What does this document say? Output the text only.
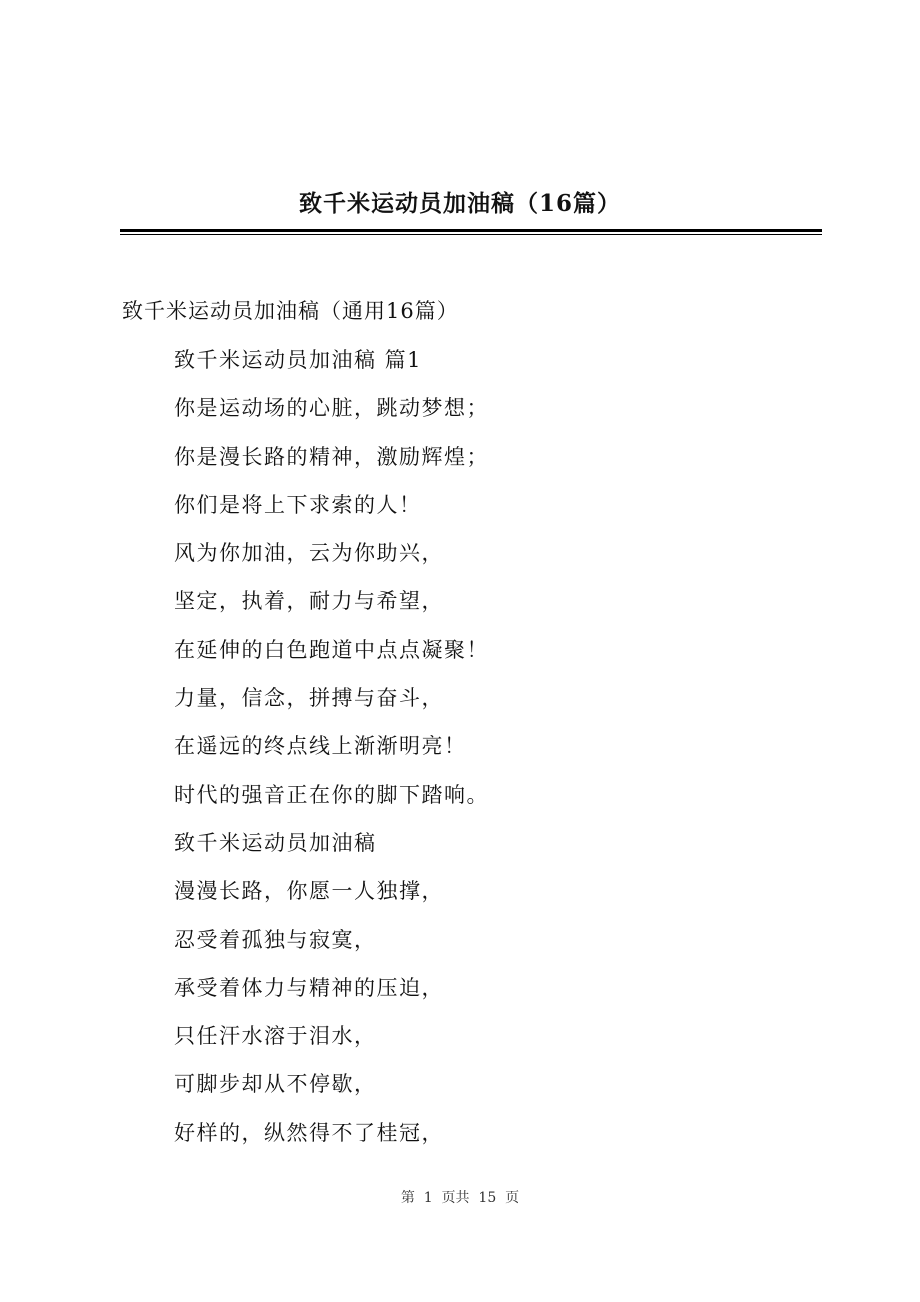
致千米运动员加油稿（16篇）
致千米运动员加油稿（通用16篇）
致千米运动员加油稿 篇1
你是运动场的心脏，跳动梦想；
你是漫长路的精神，激励辉煌；
你们是将上下求索的人！
风为你加油，云为你助兴，
坚定，执着，耐力与希望，
在延伸的白色跑道中点点凝聚！
力量，信念，拼搏与奋斗，
在遥远的终点线上渐渐明亮！
时代的强音正在你的脚下踏响。
致千米运动员加油稿
漫漫长路，你愿一人独撑，
忍受着孤独与寂寞，
承受着体力与精神的压迫，
只任汗水溶于泪水，
可脚步却从不停歇，
好样的，纵然得不了桂冠，
第  1  页共  15  页
